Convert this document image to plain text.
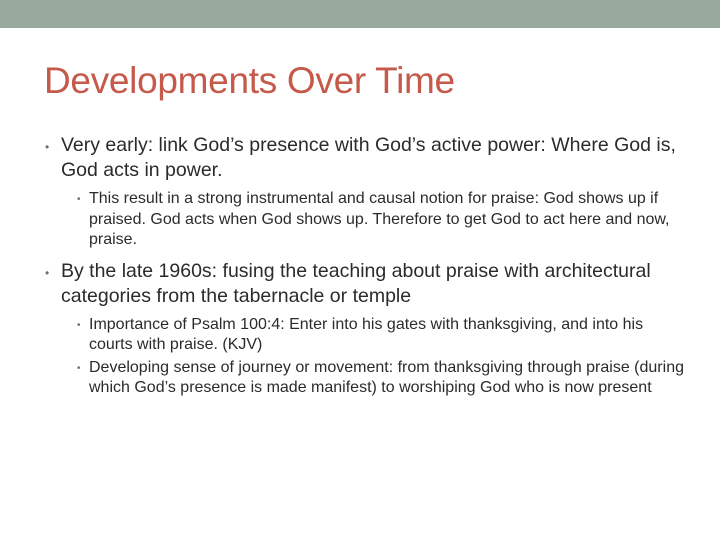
Developments Over Time
• Very early: link God’s presence with God’s active power: Where God is, God acts in power.
• This result in a strong instrumental and causal notion for praise: God shows up if praised. God acts when God shows up. Therefore to get God to act here and now, praise.
• By the late 1960s: fusing the teaching about praise with architectural categories from the tabernacle or temple
• Importance of Psalm 100:4: Enter into his gates with thanksgiving, and into his courts with praise. (KJV)
• Developing sense of journey or movement: from thanksgiving through praise (during which God’s presence is made manifest) to worshiping God who is now present
